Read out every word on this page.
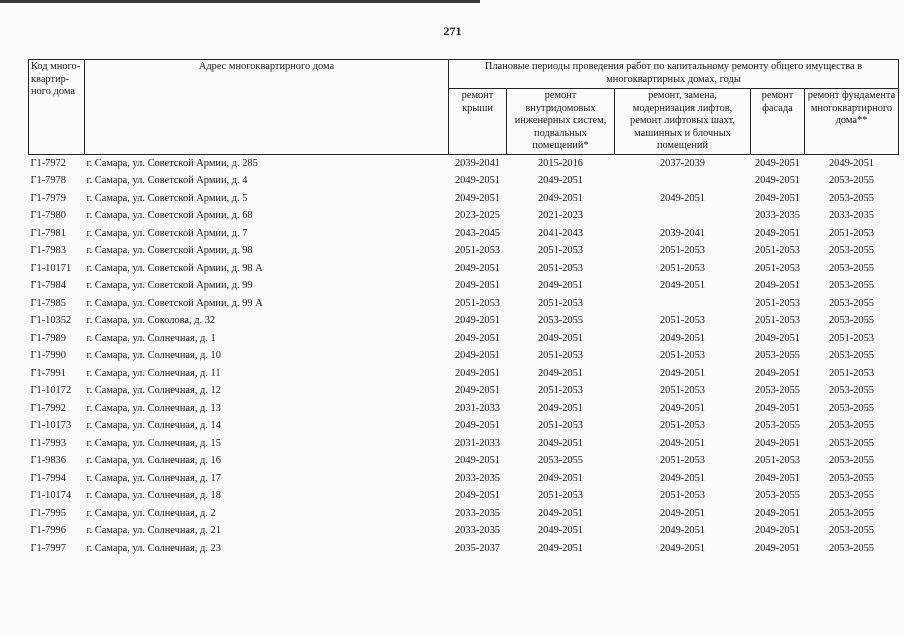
271
Код много-квартир-ного дома	Адрес многоквартирного дома	Плановые периоды проведения работ по капитальному ремонту общего имущества в многоквартирных домах, годы				
		ремонт крыши	ремонт внутридомовых инженерных систем, подвальных помещений*	ремонт, замена, модернизация лифтов, ремонт лифтовых шахт, машинных и блочных помещений	ремонт фасада	ремонт фундамента многоквартирного дома**
Г1-7972	г. Самара, ул. Советской Армии, д. 285	2039-2041	2015-2016	2037-2039	2049-2051	2049-2051
Г1-7978	г. Самара, ул. Советской Армии, д. 4	2049-2051	2049-2051		2049-2051	2053-2055
Г1-7979	г. Самара, ул. Советской Армии, д. 5	2049-2051	2049-2051	2049-2051	2049-2051	2053-2055
Г1-7980	г. Самара, ул. Советской Армии, д. 68	2023-2025	2021-2023		2033-2035	2033-2035
Г1-7981	г. Самара, ул. Советской Армии, д. 7	2043-2045	2041-2043	2039-2041	2049-2051	2051-2053
Г1-7983	г. Самара, ул. Советской Армии, д. 98	2051-2053	2051-2053	2051-2053	2051-2053	2053-2055
Г1-10171	г. Самара, ул. Советской Армии, д. 98 А	2049-2051	2051-2053	2051-2053	2051-2053	2053-2055
Г1-7984	г. Самара, ул. Советской Армии, д. 99	2049-2051	2049-2051	2049-2051	2049-2051	2053-2055
Г1-7985	г. Самара, ул. Советской Армии, д. 99 А	2051-2053	2051-2053		2051-2053	2053-2055
Г1-10352	г. Самара, ул. Соколова, д. 32	2049-2051	2053-2055	2051-2053	2051-2053	2053-2055
Г1-7989	г. Самара, ул. Солнечная, д. 1	2049-2051	2049-2051	2049-2051	2049-2051	2051-2053
Г1-7990	г. Самара, ул. Солнечная, д. 10	2049-2051	2051-2053	2051-2053	2053-2055	2053-2055
Г1-7991	г. Самара, ул. Солнечная, д. 11	2049-2051	2049-2051	2049-2051	2049-2051	2051-2053
Г1-10172	г. Самара, ул. Солнечная, д. 12	2049-2051	2051-2053	2051-2053	2053-2055	2053-2055
Г1-7992	г. Самара, ул. Солнечная, д. 13	2031-2033	2049-2051	2049-2051	2049-2051	2053-2055
Г1-10173	г. Самара, ул. Солнечная, д. 14	2049-2051	2051-2053	2051-2053	2053-2055	2053-2055
Г1-7993	г. Самара, ул. Солнечная, д. 15	2031-2033	2049-2051	2049-2051	2049-2051	2053-2055
Г1-9836	г. Самара, ул. Солнечная, д. 16	2049-2051	2053-2055	2051-2053	2051-2053	2053-2055
Г1-7994	г. Самара, ул. Солнечная, д. 17	2033-2035	2049-2051	2049-2051	2049-2051	2053-2055
Г1-10174	г. Самара, ул. Солнечная, д. 18	2049-2051	2051-2053	2051-2053	2053-2055	2053-2055
Г1-7995	г. Самара, ул. Солнечная, д. 2	2033-2035	2049-2051	2049-2051	2049-2051	2053-2055
Г1-7996	г. Самара, ул. Солнечная, д. 21	2033-2035	2049-2051	2049-2051	2049-2051	2053-2055
Г1-7997	г. Самара, ул. Солнечная, д. 23	2035-2037	2049-2051	2049-2051	2049-2051	2053-2055
